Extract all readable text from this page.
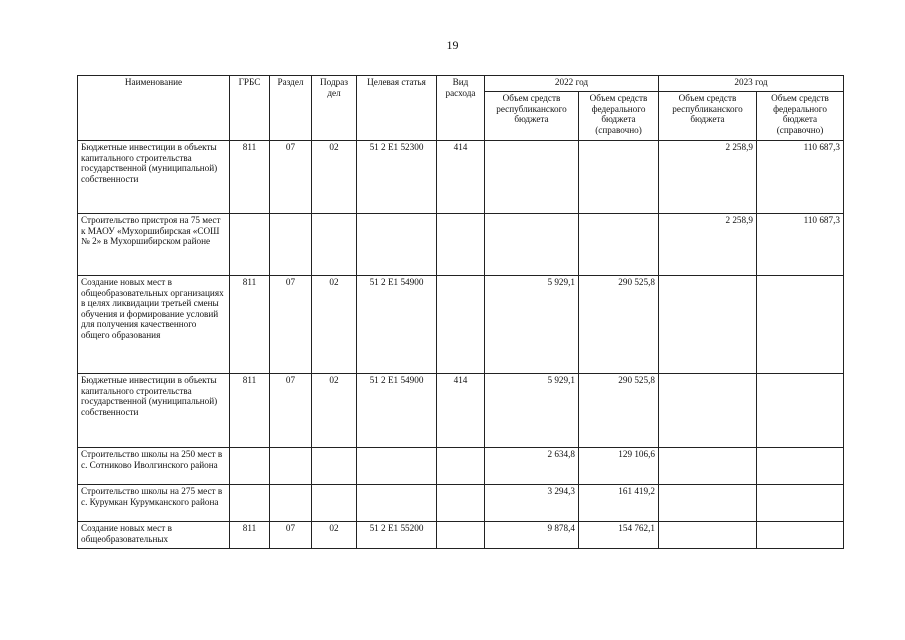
19
Наименование	ГРБС	Раздел	Подраз дел	Целевая статья	Вид расхода	2022 год		2023 год	
						Объем средств республиканского бюджета	Объем средств федерального бюджета (справочно)	Объем средств республиканского бюджета	Объем средств федерального бюджета (справочно)
Бюджетные инвестиции в объекты капитального строительства государственной (муниципальной) собственности	811	07	02	51 2 E1 52300	414			2 258,9	110 687,3
Строительство пристроя на 75 мест к МАОУ «Мухоршибирская «СОШ № 2» в Мухоршибирском районе								2 258,9	110 687,3
Создание новых мест в общеобразовательных организациях в целях ликвидации третьей смены обучения и формирование условий для получения качественного общего образования	811	07	02	51 2 E1 54900		5 929,1	290 525,8		
Бюджетные инвестиции в объекты капитального строительства государственной (муниципальной) собственности	811	07	02	51 2 E1 54900	414	5 929,1	290 525,8		
Строительство школы на 250 мест в с. Сотниково Иволгинского района						2 634,8	129 106,6		
Строительство школы на 275 мест в с. Курумкан Курумканского района						3 294,3	161 419,2		
Создание новых мест в общеобразовательных	811	07	02	51 2 E1 55200		9 878,4	154 762,1		
